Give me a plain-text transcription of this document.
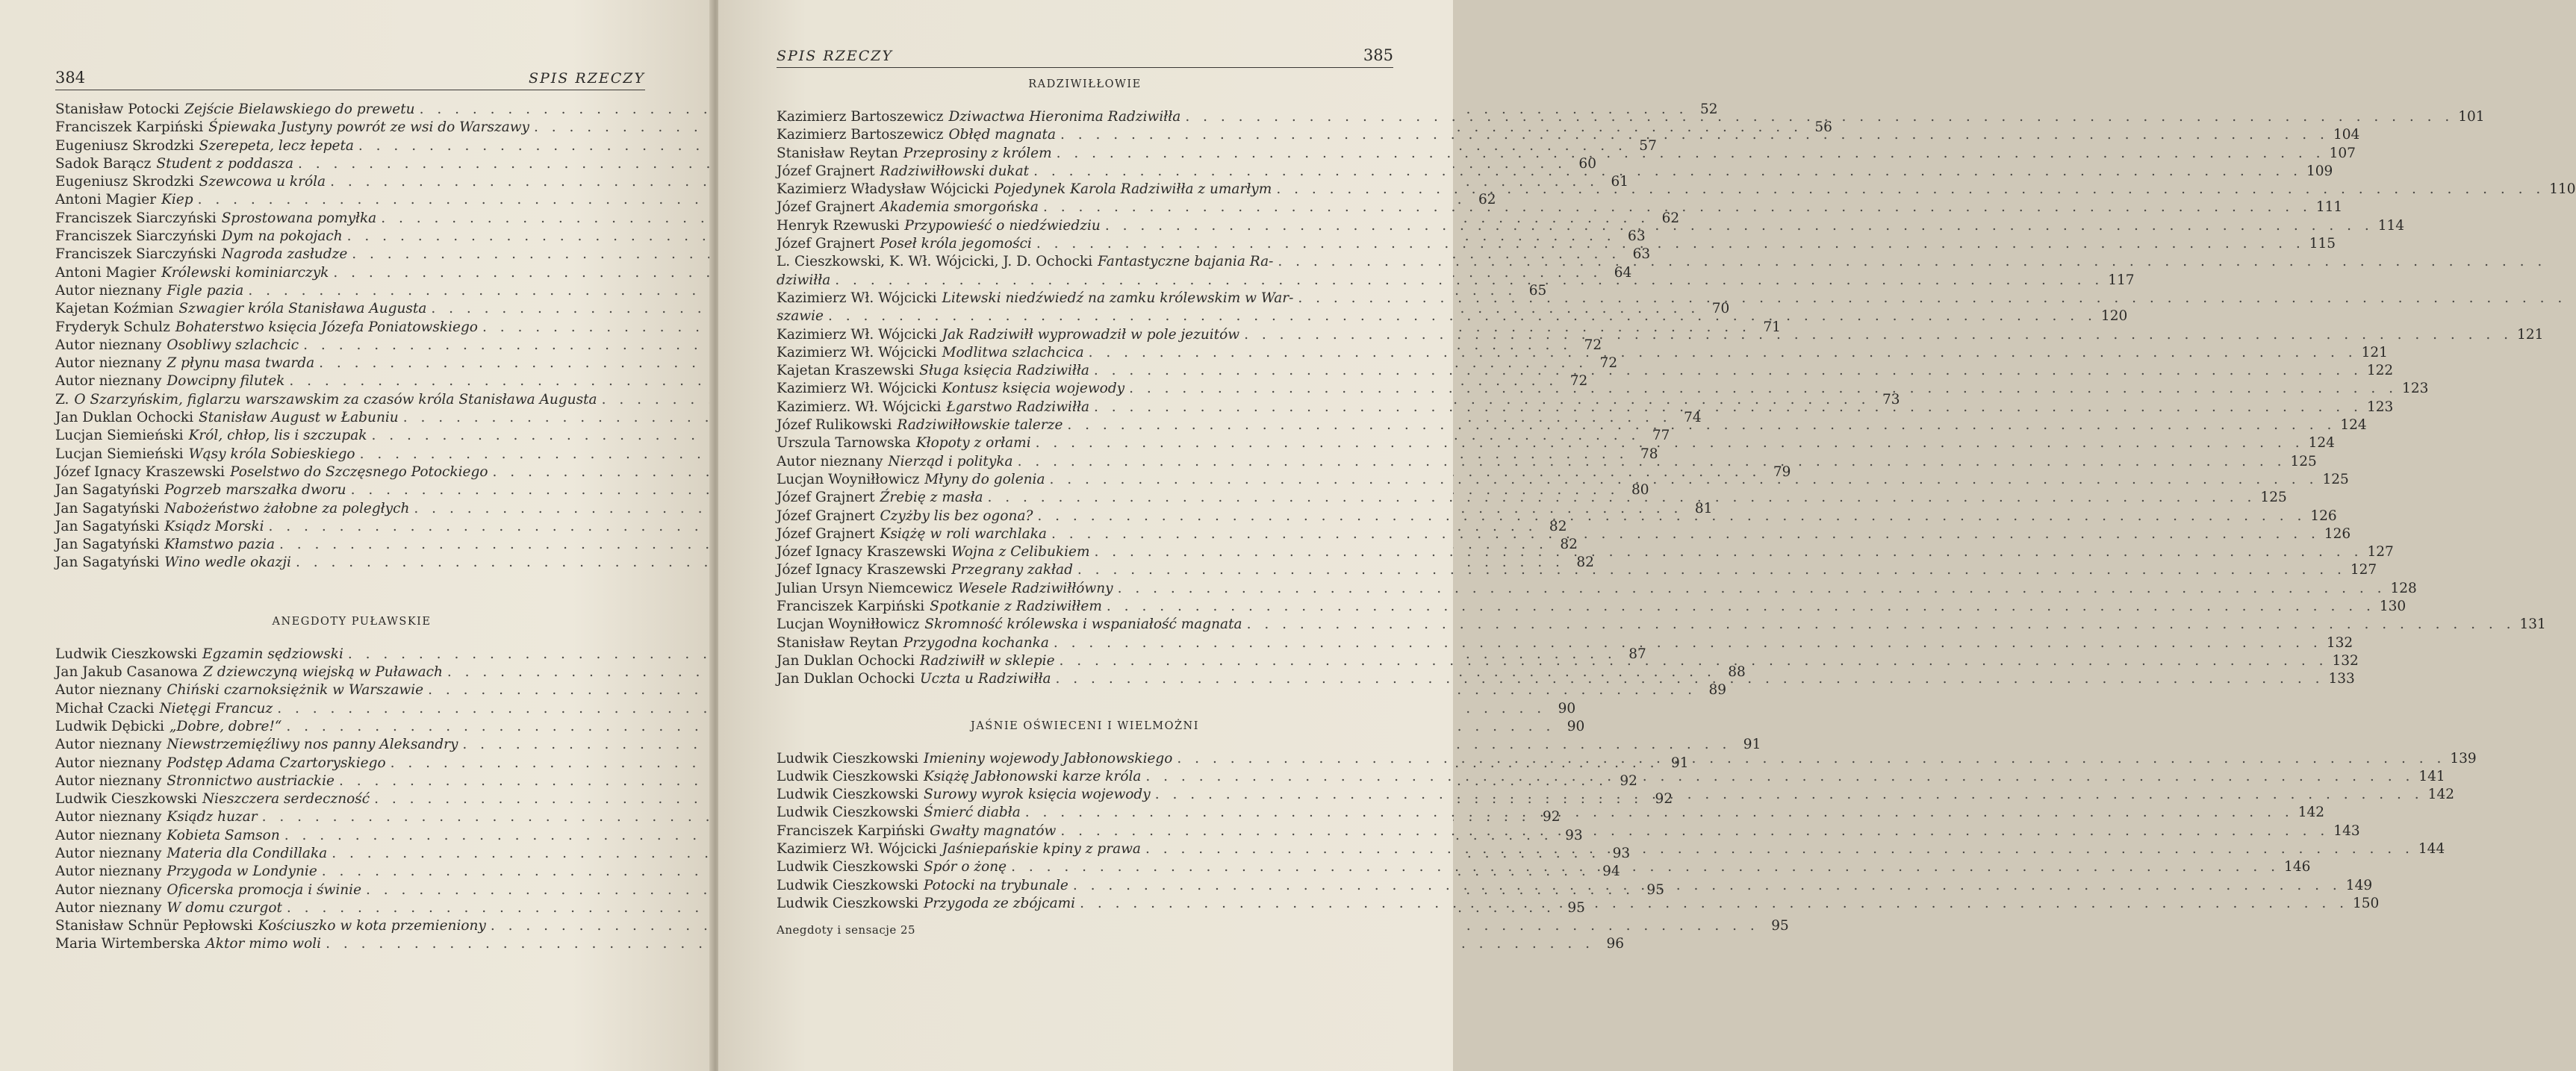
384	SPIS RZECZY
Stanisław Potocki Zejście Bielawskiego do prewetu . . .	52
Franciszek Karpiński Śpiewaka Justyny powrót ze wsi do Warszawy . . .	56
Eugeniusz Skrodzki Szerepeta, lecz łepeta . . .	57
Sadok Barącz Student z poddasza . . .	60
Eugeniusz Skrodzki Szewcowa u króla . . .	61
Antoni Magier Kiep . . .	62
Franciszek Siarczyński Sprostowana pomyłka . . .	62
Franciszek Siarczyński Dym na pokojach . . .	63
Franciszek Siarczyński Nagroda zasłudze . . .	63
Antoni Magier Królewski kominiarczyk . . .	64
Autor nieznany Figle pazia . . .	65
Kajetan Koźmian Szwagier króla Stanisława Augusta . . .	70
Fryderyk Schulz Bohaterstwo księcia Józefa Poniatowskiego . . .	71
Autor nieznany Osobliwy szlachcic . . .	72
Autor nieznany Z płynu masa twarda . . .	72
Autor nieznany Dowcipny filutek . . .	72
Z. O Szarzyńskim, figlarzu warszawskim za czasów króla Stanisława Augusta . . .	73
Jan Duklan Ochocki Stanisław August w Łabuniu . . .	74
Lucjan Siemieński Król, chłop, lis i szczupak . . .	77
Lucjan Siemieński Wąsy króla Sobieskiego . . .	78
Józef Ignacy Kraszewski Poselstwo do Szczęsnego Potockiego . . .	79
Jan Sagatyński Pogrzeb marszałka dworu . . .	80
Jan Sagatyński Nabożeństwo żałobne za poległych . . .	81
Jan Sagatyński Ksiądz Morski . . .	82
Jan Sagatyński Kłamstwo pazia . . .	82
Jan Sagatyński Wino wedle okazji . . .	82
ANEGDOTY PUŁAWSKIE
Ludwik Cieszkowski Egzamin sędziowski . . .	87
Jan Jakub Casanowa Z dziewczyną wiejską w Puławach . . .	88
Autor nieznany Chiński czarnoksiężnik w Warszawie . . .	89
Michał Czacki Nietęgi Francuz . . .	90
Ludwik Dębicki „Dobre, dobre!“ . . .	90
Autor nieznany Niewstrzemięźliwy nos panny Aleksandry . . .	91
Autor nieznany Podstęp Adama Czartoryskiego . . .	91
Autor nieznany Stronnictwo austriackie . . .	92
Ludwik Cieszkowski Nieszczera serdeczność . . .	92
Autor nieznany Ksiądz huzar . . .	92
Autor nieznany Kobieta Samson . . .	93
Autor nieznany Materia dla Condillaka . . .	93
Autor nieznany Przygoda w Londynie . . .	94
Autor nieznany Oficerska promocja i świnie . . .	95
Autor nieznany W domu czurgot . . .	95
Stanisław Schnür Pepłowski Kościuszko w kota przemieniony . . .	95
Maria Wirtemberska Aktor mimo woli . . .	96
SPIS RZECZY	385
RADZIWIŁŁOWIE
Kazimierz Bartoszewicz Dziwactwa Hieronima Radziwiłła . . .	101
Kazimierz Bartoszewicz Obłęd magnata . . .	104
Stanisław Reytan Przeprosiny z królem . . .	107
Józef Grajnert Radziwiłłowski dukat . . .	109
Kazimierz Władysław Wójcicki Pojedynek Karola Radziwiłła z umarłym . . .	110
Józef Grajnert Akademia smorgońska . . .	111
Henryk Rzewuski Przypowieść o niedźwiedziu . . .	114
Józef Grajnert Poseł króla jegomości . . .	115
L. Cieszkowski, K. Wł. Wójcicki, J. D. Ochocki Fantastyczne bajania Ra-
. . .
dziwiłła . . .	117
Kazimierz Wł. Wójcicki Litewski niedźwiedź na zamku królewskim w War-
. . .
szawie . . .	120
Kazimierz Wł. Wójcicki Jak Radziwiłł wyprowadził w pole jezuitów . . .	121
Kazimierz Wł. Wójcicki Modlitwa szlachcica . . .	121
Kajetan Kraszewski Sługa księcia Radziwiłła . . .	122
Kazimierz Wł. Wójcicki Kontusz księcia wojewody . . .	123
Kazimierz. Wł. Wójcicki Łgarstwo Radziwiłła . . .	123
Józef Rulikowski Radziwiłłowskie talerze . . .	124
Urszula Tarnowska Kłopoty z orłami . . .	124
Autor nieznany Nierząd i polityka . . .	125
Lucjan Woyniłłowicz Młyny do golenia . . .	125
Józef Grajnert Źrebię z masła . . .	125
Józef Grajnert Czyżby lis bez ogona? . . .	126
Józef Grajnert Książę w roli warchlaka . . .	126
Józef Ignacy Kraszewski Wojna z Celibukiem . . .	127
Józef Ignacy Kraszewski Przegrany zakład . . .	127
Julian Ursyn Niemcewicz Wesele Radziwiłłówny . . .	128
Franciszek Karpiński Spotkanie z Radziwiłłem . . .	130
Lucjan Woyniłłowicz Skromność królewska i wspaniałość magnata . . .	131
Stanisław Reytan Przygodna kochanka . . .	132
Jan Duklan Ochocki Radziwiłł w sklepie . . .	132
Jan Duklan Ochocki Uczta u Radziwiłła . . .	133
JAŚNIE OŚWIECENI I WIELMOŻNI
Ludwik Cieszkowski Imieniny wojewody Jabłonowskiego . . .	139
Ludwik Cieszkowski Książę Jabłonowski karze króla . . .	141
Ludwik Cieszkowski Surowy wyrok księcia wojewody . . .	142
Ludwik Cieszkowski Śmierć diabła . . .	142
Franciszek Karpiński Gwałty magnatów . . .	143
Kazimierz Wł. Wójcicki Jaśniepańskie kpiny z prawa . . .	144
Ludwik Cieszkowski Spór o żonę . . .	146
Ludwik Cieszkowski Potocki na trybunale . . .	149
Ludwik Cieszkowski Przygoda ze zbójcami . . .	150
Anegdoty i sensacje 25
